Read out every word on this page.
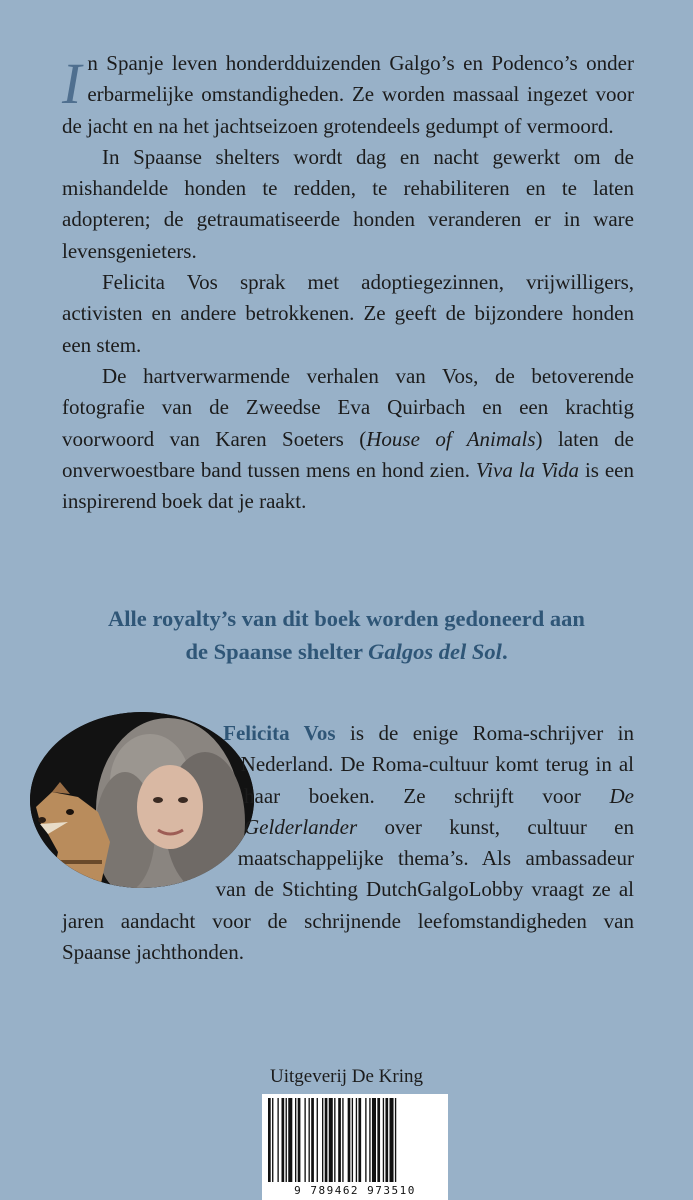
In Spanje leven honderdduizenden Galgo’s en Podenco’s onder erbarmelijke omstandigheden. Ze worden massaal ingezet voor de jacht en na het jachtseizoen grotendeels gedumpt of vermoord.

In Spaanse shelters wordt dag en nacht gewerkt om de mishandelde honden te redden, te rehabiliteren en te laten adopteren; de getraumatiseerde honden veranderen er in ware levensgenieters.

Felicita Vos sprak met adoptiegezinnen, vrijwilligers, activisten en andere betrokkenen. Ze geeft de bijzondere honden een stem.

De hartverwarmende verhalen van Vos, de betoverende fotografie van de Zweedse Eva Quirbach en een krachtig voorwoord van Karen Soeters (House of Animals) laten de onverwoestbare band tussen mens en hond zien. Viva la Vida is een inspirerend boek dat je raakt.

Alle royalty’s van dit boek worden gedoneerd aan
de Spaanse shelter Galgos del Sol.
Felicita Vos is de enige Roma-schrijver in Nederland. De Roma-cultuur komt terug in al haar boeken. Ze schrijft voor De Gelderlander over kunst, cultuur en maatschappelijke thema’s. Als ambassadeur van de Stichting DutchGalgoLobby vraagt ze al jaren aandacht voor de schrijnende leefomstandigheden van Spaanse jachthonden.
Uitgeverij De Kring
9 789462 973510
